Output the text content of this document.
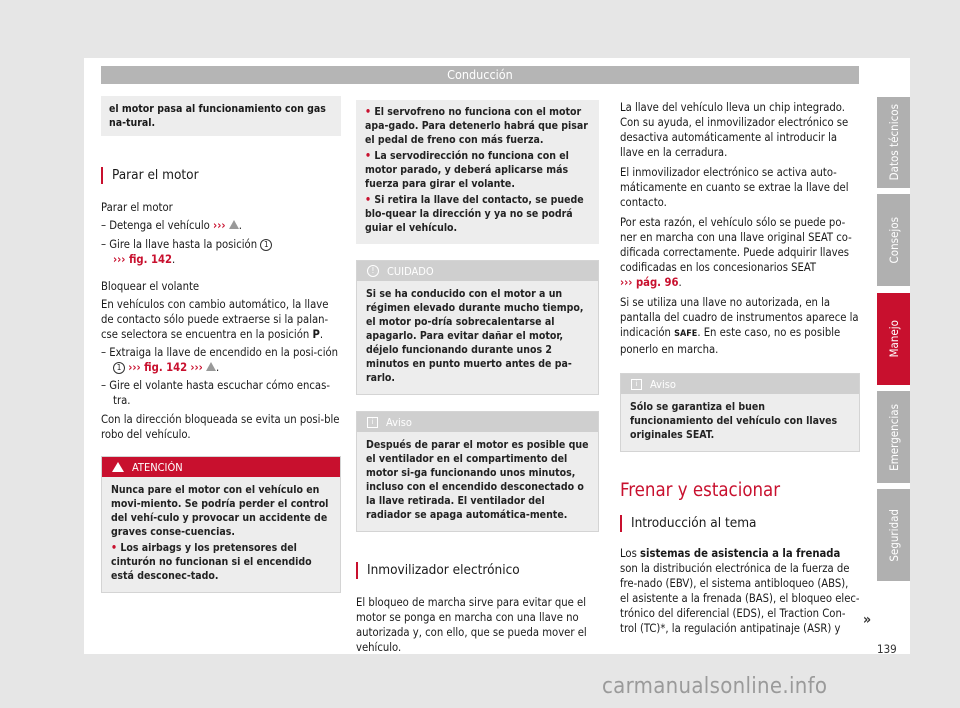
Conducción
el motor pasa al funcionamiento con gas na-tural.
Parar el motor

Parar el motor

– Detenga el vehículo ››› .

– Gire la llave hasta la posición 1
››› fig. 142.

Bloquear el volante

En vehículos con cambio automático, la llave de contacto sólo puede extraerse si la palan-cse selectora se encuentra en la posición P.

– Extraiga la llave de encendido en la posi-ción 1 ››› fig. 142 ››› .

– Gire el volante hasta escuchar cómo encas-tra.

Con la dirección bloqueada se evita un posi-ble robo del vehículo.

ATENCIÓN

Nunca pare el motor con el vehículo en movi-miento. Se podría perder el control del vehí-culo y provocar un accidente de graves conse-cuencias.

• Los airbags y los pretensores del cinturón no funcionan si el encendido está desconec-tado.

• El servofreno no funciona con el motor apa-gado. Para detenerlo habrá que pisar el pedal de freno con más fuerza.

• La servodirección no funciona con el motor parado, y deberá aplicarse más fuerza para girar el volante.

• Si retira la llave del contacto, se puede blo-quear la dirección y ya no se podrá guiar el vehículo.

!	CUIDADO
Si se ha conducido con el motor a un régimen elevado durante mucho tiempo, el motor po-dría sobrecalentarse al apagarlo. Para evitar dañar el motor, déjelo funcionando durante unos 2 minutos en punto muerto antes de pa-rarlo.
i	Aviso
Después de parar el motor es posible que el ventilador en el compartimento del motor si-ga funcionando unos minutos, incluso con el encendido desconectado o la llave retirada. El ventilador del radiador se apaga automática-mente.
Inmovilizador electrónico

El bloqueo de marcha sirve para evitar que el motor se ponga en marcha con una llave no autorizada y, con ello, que se pueda mover el vehículo.

La llave del vehículo lleva un chip integrado. Con su ayuda, el inmovilizador electrónico se desactiva automáticamente al introducir la llave en la cerradura.

El inmovilizador electrónico se activa auto-máticamente en cuanto se extrae la llave del contacto.

Por esta razón, el vehículo sólo se puede po-ner en marcha con una llave original SEAT co-dificada correctamente. Puede adquirir llaves codificadas en los concesionarios SEAT
››› pág. 96.

Si se utiliza una llave no autorizada, en la pantalla del cuadro de instrumentos aparece la indicación SAFE. En este caso, no es posible ponerlo en marcha.

i	Aviso
Sólo se garantiza el buen funcionamiento del vehículo con llaves originales SEAT.
Frenar y estacionar
Introducción al tema

Los sistemas de asistencia a la frenada son la distribución electrónica de la fuerza de fre-nado (EBV), el sistema antibloqueo (ABS), el asistente a la frenada (BAS), el bloqueo elec-trónico del diferencial (EDS), el Traction Con-trol (TC)*, la regulación antipatinaje (ASR) y

Datos técnicos
Consejos
Manejo
Emergencias
Seguridad
»
139
carmanualsonline.info
